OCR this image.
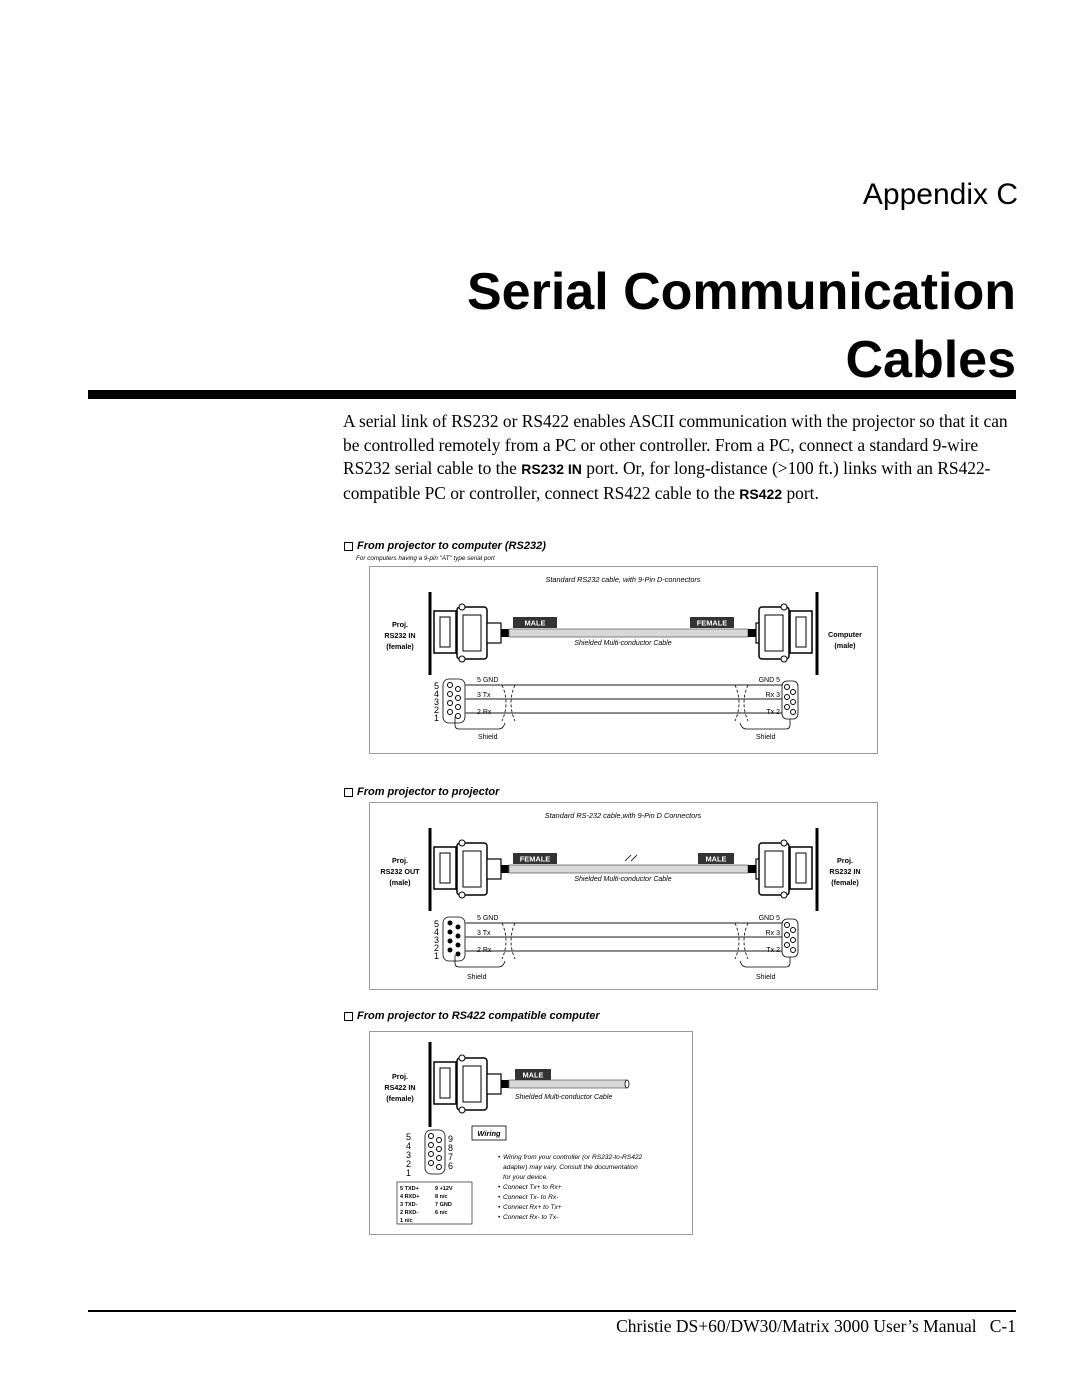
Appendix C
Serial Communication
Cables
A serial link of RS232 or RS422 enables ASCII communication with the projector so that it can be controlled remotely from a PC or other controller. From a PC, connect a standard 9-wire RS232 serial cable to the RS232 IN port. Or, for long-distance (>100 ft.) links with an RS422-compatible PC or controller, connect RS422 cable to the RS422 port.
From projector to computer (RS232)
For computers having a 9-pin "AT" type serial port
Standard RS232 cable, with 9-Pin D-connectors
MALE	FEMALE
Shielded Multi-conductor Cable
Proj.
RS232 IN
(female)
Computer
(male)
5
4
3
2
1
5 GND
3 Tx
2 Rx
GND 5
Rx 3
Tx 2
Shield	Shield
From projector to projector
Standard RS-232 cable,with 9-Pin D Connectors
FEMALE	MALE
Shielded Multi-conductor Cable
Proj.
RS232 OUT
(male)
Proj.
RS232 IN
(female)
5
4
3
2
1
5 GND
3 Tx
2 Rx
GND 5
Rx 3
Tx 2
Shield	Shield
From projector to RS422 compatible computer
MALE
Shielded Multi-conductor Cable
Proj.
RS422 IN
(female)
5
4
3
2
1
9
8
7
6
5 TXD+	9 +12V
4 RXD+	8 n/c
3 TXD-	7 GND
2 RXD-	6 n/c
1 n/c
Wiring
• Wiring from your controller (or RS232-to-RS422
adapter) may vary. Consult the documentation
for your device.
• Connect Tx+ to Rx+
• Connect Tx- to Rx-
• Connect Rx+ to Tx+
• Connect Rx- to Tx-
Christie DS+60/DW30/Matrix 3000 User’s Manual C-1
